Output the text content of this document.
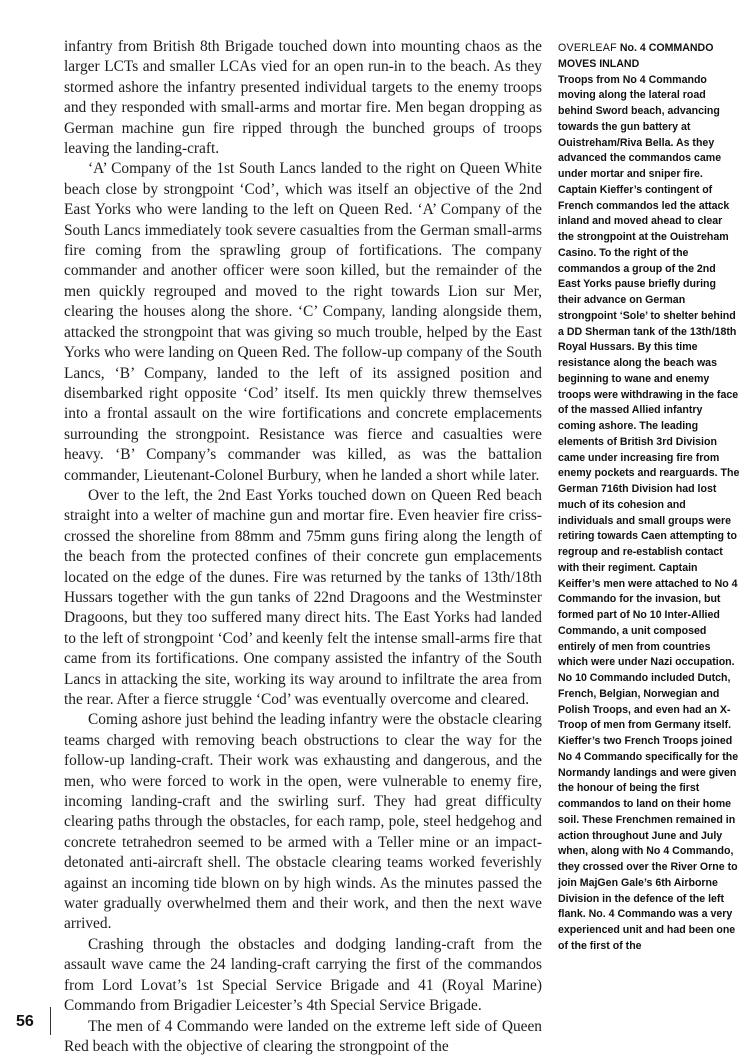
infantry from British 8th Brigade touched down into mounting chaos as the larger LCTs and smaller LCAs vied for an open run-in to the beach. As they stormed ashore the infantry presented individual targets to the enemy troops and they responded with small-arms and mortar fire. Men began dropping as German machine gun fire ripped through the bunched groups of troops leaving the landing-craft.

‘A’ Company of the 1st South Lancs landed to the right on Queen White beach close by strongpoint ‘Cod’, which was itself an objective of the 2nd East Yorks who were landing to the left on Queen Red. ‘A’ Company of the South Lancs immediately took severe casualties from the German small-arms fire coming from the sprawling group of fortifications. The company commander and another officer were soon killed, but the remainder of the men quickly regrouped and moved to the right towards Lion sur Mer, clearing the houses along the shore. ‘C’ Company, landing alongside them, attacked the strongpoint that was giving so much trouble, helped by the East Yorks who were landing on Queen Red. The follow-up company of the South Lancs, ‘B’ Company, landed to the left of its assigned position and disembarked right opposite ‘Cod’ itself. Its men quickly threw themselves into a frontal assault on the wire fortifications and concrete emplacements surrounding the strongpoint. Resistance was fierce and casualties were heavy. ‘B’ Company’s commander was killed, as was the battalion commander, Lieutenant-Colonel Burbury, when he landed a short while later.

Over to the left, the 2nd East Yorks touched down on Queen Red beach straight into a welter of machine gun and mortar fire. Even heavier fire criss-crossed the shoreline from 88mm and 75mm guns firing along the length of the beach from the protected confines of their concrete gun emplacements located on the edge of the dunes. Fire was returned by the tanks of 13th/18th Hussars together with the gun tanks of 22nd Dragoons and the Westminster Dragoons, but they too suffered many direct hits. The East Yorks had landed to the left of strongpoint ‘Cod’ and keenly felt the intense small-arms fire that came from its fortifications. One company assisted the infantry of the South Lancs in attacking the site, working its way around to infiltrate the area from the rear. After a fierce struggle ‘Cod’ was eventually overcome and cleared.

Coming ashore just behind the leading infantry were the obstacle clearing teams charged with removing beach obstructions to clear the way for the follow-up landing-craft. Their work was exhausting and dangerous, and the men, who were forced to work in the open, were vulnerable to enemy fire, incoming landing-craft and the swirling surf. They had great difficulty clearing paths through the obstacles, for each ramp, pole, steel hedgehog and concrete tetrahedron seemed to be armed with a Teller mine or an impact-detonated anti-aircraft shell. The obstacle clearing teams worked feverishly against an incoming tide blown on by high winds. As the minutes passed the water gradually overwhelmed them and their work, and then the next wave arrived.

Crashing through the obstacles and dodging landing-craft from the assault wave came the 24 landing-craft carrying the first of the commandos from Lord Lovat’s 1st Special Service Brigade and 41 (Royal Marine) Commando from Brigadier Leicester’s 4th Special Service Brigade.

The men of 4 Commando were landed on the extreme left side of Queen Red beach with the objective of clearing the strongpoint of the

56
OVERLEAF No. 4 COMMANDO MOVES INLAND
Troops from No 4 Commando moving along the lateral road behind Sword beach, advancing towards the gun battery at Ouistreham/Riva Bella. As they advanced the commandos came under mortar and sniper fire. Captain Kieffer’s contingent of French commandos led the attack inland and moved ahead to clear the strongpoint at the Ouistreham Casino. To the right of the commandos a group of the 2nd East Yorks pause briefly during their advance on German strongpoint ‘Sole’ to shelter behind a DD Sherman tank of the 13th/18th Royal Hussars. By this time resistance along the beach was beginning to wane and enemy troops were withdrawing in the face of the massed Allied infantry coming ashore. The leading elements of British 3rd Division came under increasing fire from enemy pockets and rearguards. The German 716th Division had lost much of its cohesion and individuals and small groups were retiring towards Caen attempting to regroup and re-establish contact with their regiment. Captain Keiffer’s men were attached to No 4 Commando for the invasion, but formed part of No 10 Inter-Allied Commando, a unit composed entirely of men from countries which were under Nazi occupation. No 10 Commando included Dutch, French, Belgian, Norwegian and Polish Troops, and even had an X-Troop of men from Germany itself. Kieffer’s two French Troops joined No 4 Commando specifically for the Normandy landings and were given the honour of being the first commandos to land on their home soil. These Frenchmen remained in action throughout June and July when, along with No 4 Commando, they crossed over the River Orne to join MajGen Gale’s 6th Airborne Division in the defence of the left flank. No. 4 Commando was a very experienced unit and had been one of the first of the
